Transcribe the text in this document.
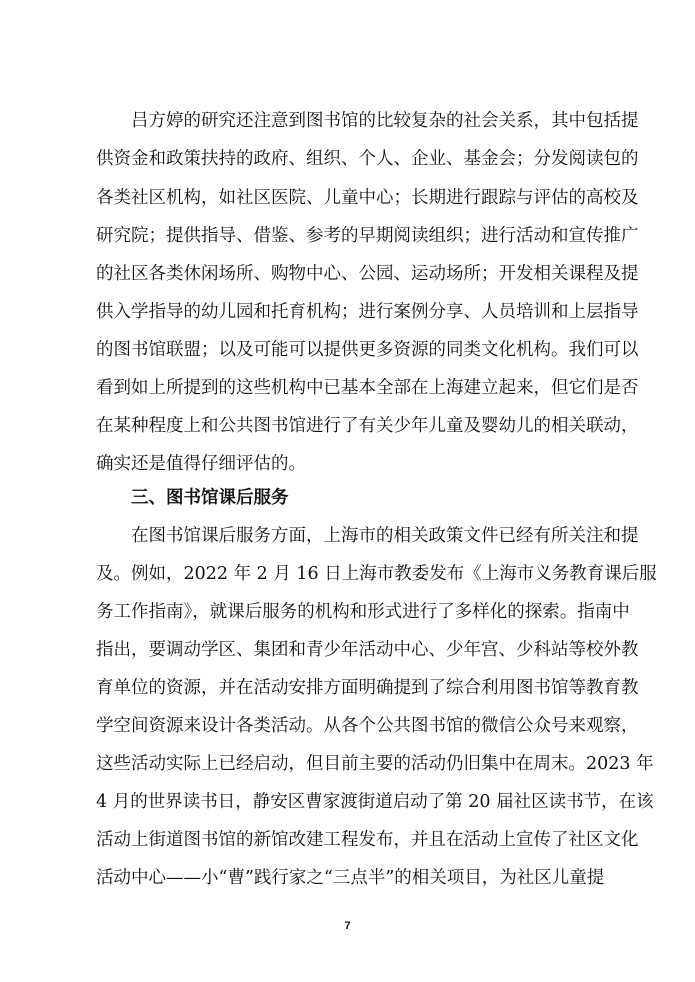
吕方婷的研究还注意到图书馆的比较复杂的社会关系，其中包括提
供资金和政策扶持的政府、组织、个人、企业、基金会；分发阅读包的
各类社区机构，如社区医院、儿童中心；长期进行跟踪与评估的高校及
研究院；提供指导、借鉴、参考的早期阅读组织；进行活动和宣传推广
的社区各类休闲场所、购物中心、公园、运动场所；开发相关课程及提
供入学指导的幼儿园和托育机构；进行案例分享、人员培训和上层指导
的图书馆联盟；以及可能可以提供更多资源的同类文化机构。我们可以
看到如上所提到的这些机构中已基本全部在上海建立起来，但它们是否
在某种程度上和公共图书馆进行了有关少年儿童及婴幼儿的相关联动，
确实还是值得仔细评估的。
三、图书馆课后服务
在图书馆课后服务方面，上海市的相关政策文件已经有所关注和提
及。例如，2022 年 2 月 16 日上海市教委发布《上海市义务教育课后服
务工作指南》，就课后服务的机构和形式进行了多样化的探索。指南中
指出，要调动学区、集团和青少年活动中心、少年宫、少科站等校外教
育单位的资源，并在活动安排方面明确提到了综合利用图书馆等教育教
学空间资源来设计各类活动。从各个公共图书馆的微信公众号来观察，
这些活动实际上已经启动，但目前主要的活动仍旧集中在周末。2023 年
4 月的世界读书日，静安区曹家渡街道启动了第 20 届社区读书节，在该
活动上街道图书馆的新馆改建工程发布，并且在活动上宣传了社区文化
活动中心——小“曹”践行家之“三点半”的相关项目，为社区儿童提
7
